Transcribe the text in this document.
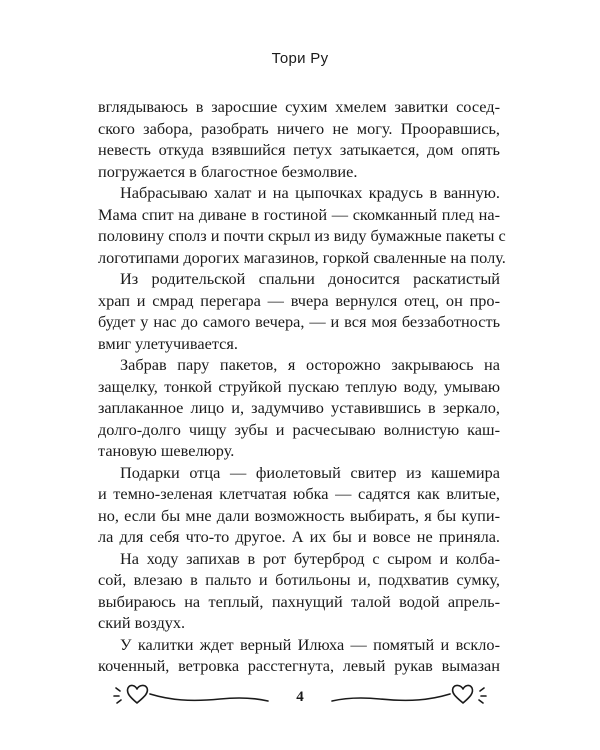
Тори Ру
вглядываюсь в заросшие сухим хмелем завитки сосед-
ского забора, разобрать ничего не могу. Прооравшись,
невесть откуда взявшийся петух затыкается, дом опять
погружается в благостное безмолвие.
Набрасываю халат и на цыпочках крадусь в ванную.
Мама спит на диване в гостиной — скомканный плед на-
половину сполз и почти скрыл из виду бумажные пакеты с
логотипами дорогих магазинов, горкой сваленные на полу.
Из родительской спальни доносится раскатистый
храп и смрад перегара — вчера вернулся отец, он про-
будет у нас до самого вечера, — и вся моя беззаботность
вмиг улетучивается.
Забрав пару пакетов, я осторожно закрываюсь на
защелку, тонкой струйкой пускаю теплую воду, умываю
заплаканное лицо и, задумчиво уставившись в зеркало,
долго-долго чищу зубы и расчесываю волнистую каш-
тановую шевелюру.
Подарки отца — фиолетовый свитер из кашемира
и темно-зеленая клетчатая юбка — садятся как влитые,
но, если бы мне дали возможность выбирать, я бы купи-
ла для себя что-то другое. А их бы и вовсе не приняла.
На ходу запихав в рот бутерброд с сыром и колба-
сой, влезаю в пальто и ботильоны и, подхватив сумку,
выбираюсь на теплый, пахнущий талой водой апрель-
ский воздух.
У калитки ждет верный Илюха — помятый и вскло-
коченный, ветровка расстегнута, левый рукав вымазан
4
